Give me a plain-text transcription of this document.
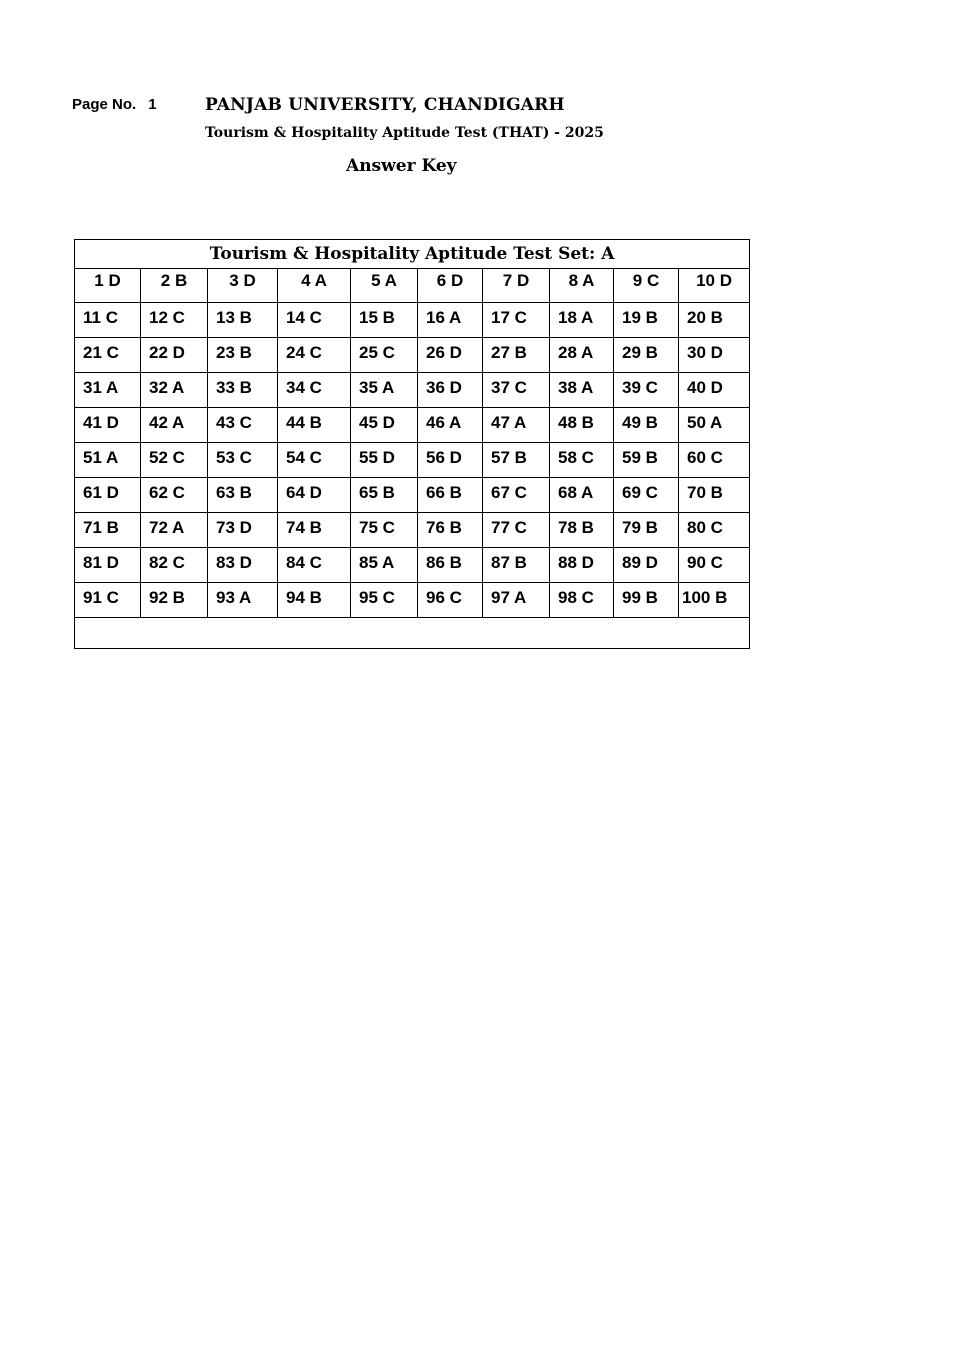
Page No. 1	PANJAB UNIVERSITY, CHANDIGARH
Tourism & Hospitality Aptitude Test (THAT) - 2025
Answer Key
Tourism & Hospitality Aptitude Test Set: A									
1 D	2 B	3 D	4 A	5 A	6 D	7 D	8 A	9 C	10 D
11 C	12 C	13 B	14 C	15 B	16 A	17 C	18 A	19 B	20 B
21 C	22 D	23 B	24 C	25 C	26 D	27 B	28 A	29 B	30 D
31 A	32 A	33 B	34 C	35 A	36 D	37 C	38 A	39 C	40 D
41 D	42 A	43 C	44 B	45 D	46 A	47 A	48 B	49 B	50 A
51 A	52 C	53 C	54 C	55 D	56 D	57 B	58 C	59 B	60 C
61 D	62 C	63 B	64 D	65 B	66 B	67 C	68 A	69 C	70 B
71 B	72 A	73 D	74 B	75 C	76 B	77 C	78 B	79 B	80 C
81 D	82 C	83 D	84 C	85 A	86 B	87 B	88 D	89 D	90 C
91 C	92 B	93 A	94 B	95 C	96 C	97 A	98 C	99 B	100 B
